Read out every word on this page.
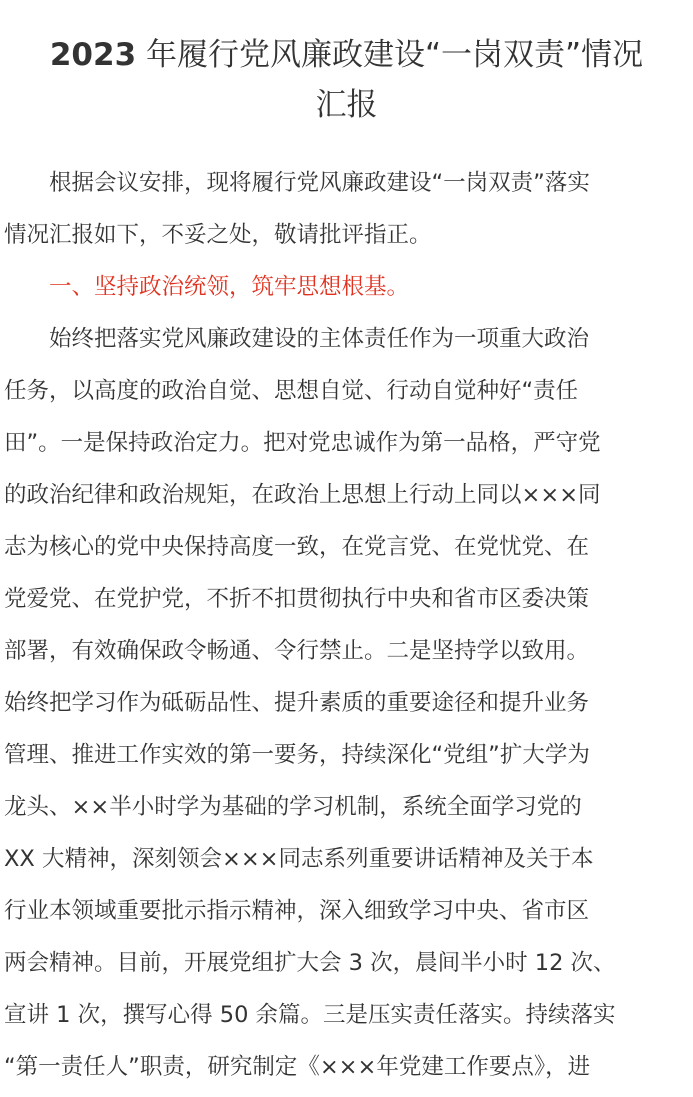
2023 年履行党风廉政建设“一岗双责”情况
汇报
　　根据会议安排，现将履行党风廉政建设“一岗双责”落实
情况汇报如下，不妥之处，敬请批评指正。
　　一、坚持政治统领，筑牢思想根基。
　　始终把落实党风廉政建设的主体责任作为一项重大政治
任务，以高度的政治自觉、思想自觉、行动自觉种好“责任
田”。一是保持政治定力。把对党忠诚作为第一品格，严守党
的政治纪律和政治规矩，在政治上思想上行动上同以×××同
志为核心的党中央保持高度一致，在党言党、在党忧党、在
党爱党、在党护党，不折不扣贯彻执行中央和省市区委决策
部署，有效确保政令畅通、令行禁止。二是坚持学以致用。
始终把学习作为砥砺品性、提升素质的重要途径和提升业务
管理、推进工作实效的第一要务，持续深化“党组”扩大学为
龙头、××半小时学为基础的学习机制，系统全面学习党的
XX 大精神，深刻领会×××同志系列重要讲话精神及关于本
行业本领域重要批示指示精神，深入细致学习中央、省市区
两会精神。目前，开展党组扩大会 3 次，晨间半小时 12 次、
宣讲 1 次，撰写心得 50 余篇。三是压实责任落实。持续落实
“第一责任人”职责，研究制定《×××年党建工作要点》，进
